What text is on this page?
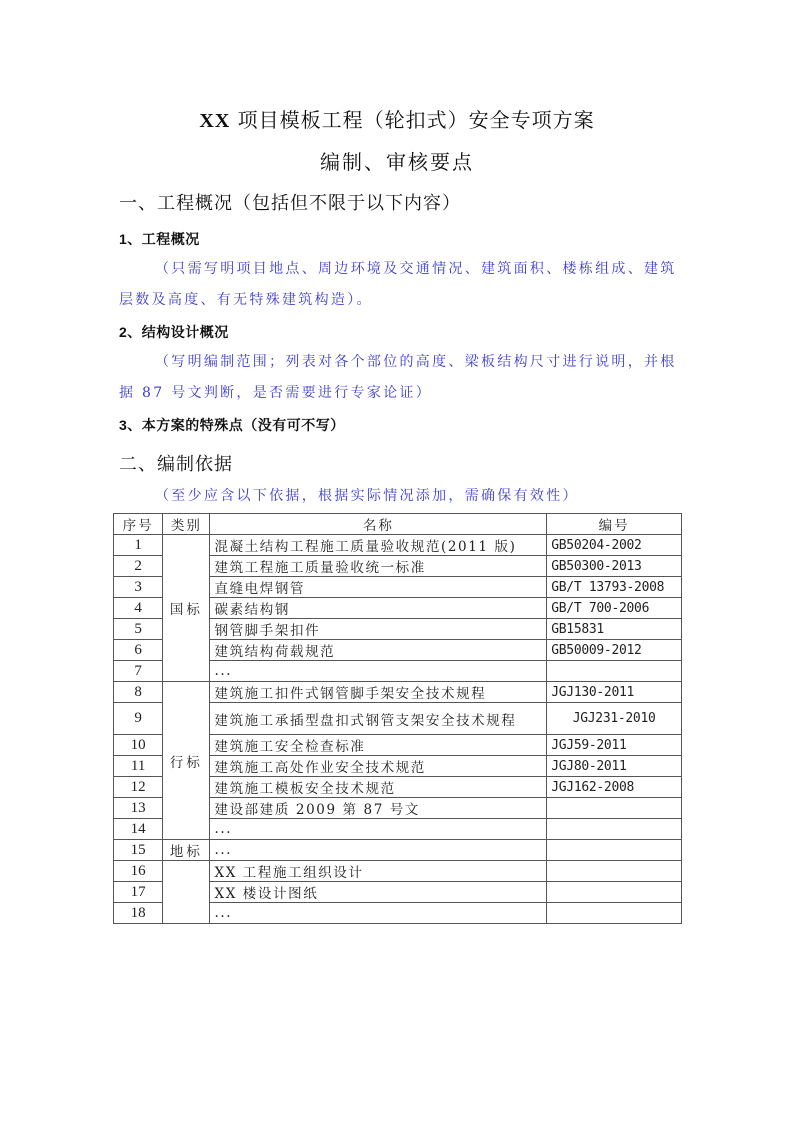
XX 项目模板工程（轮扣式）安全专项方案
编制、审核要点
一、工程概况（包括但不限于以下内容）
1、工程概况
（只需写明项目地点、周边环境及交通情况、建筑面积、楼栋组成、建筑层数及高度、有无特殊建筑构造）。
2、结构设计概况
（写明编制范围；列表对各个部位的高度、梁板结构尺寸进行说明，并根据 87 号文判断，是否需要进行专家论证）
3、本方案的特殊点（没有可不写）
二、编制依据
（至少应含以下依据，根据实际情况添加，需确保有效性）
序号	类别	名称	编号
1	国标	混凝土结构工程施工质量验收规范(2011 版)	GB50204-2002
2		建筑工程施工质量验收统一标准	GB50300-2013
3		直缝电焊钢管	GB/T 13793-2008
4		碳素结构钢	GB/T 700-2006
5		钢管脚手架扣件	GB15831
6		建筑结构荷载规范	GB50009-2012
7		...	
8	行标	建筑施工扣件式钢管脚手架安全技术规程	JGJ130-2011
9		建筑施工承插型盘扣式钢管支架安全技术规程	JGJ231-2010
10		建筑施工安全检查标准	JGJ59-2011
11		建筑施工高处作业安全技术规范	JGJ80-2011
12		建筑施工模板安全技术规范	JGJ162-2008
13		建设部建质 2009 第 87 号文	
14		...	
15	地标	...	
16		XX 工程施工组织设计	
17		XX 楼设计图纸	
18		...	
